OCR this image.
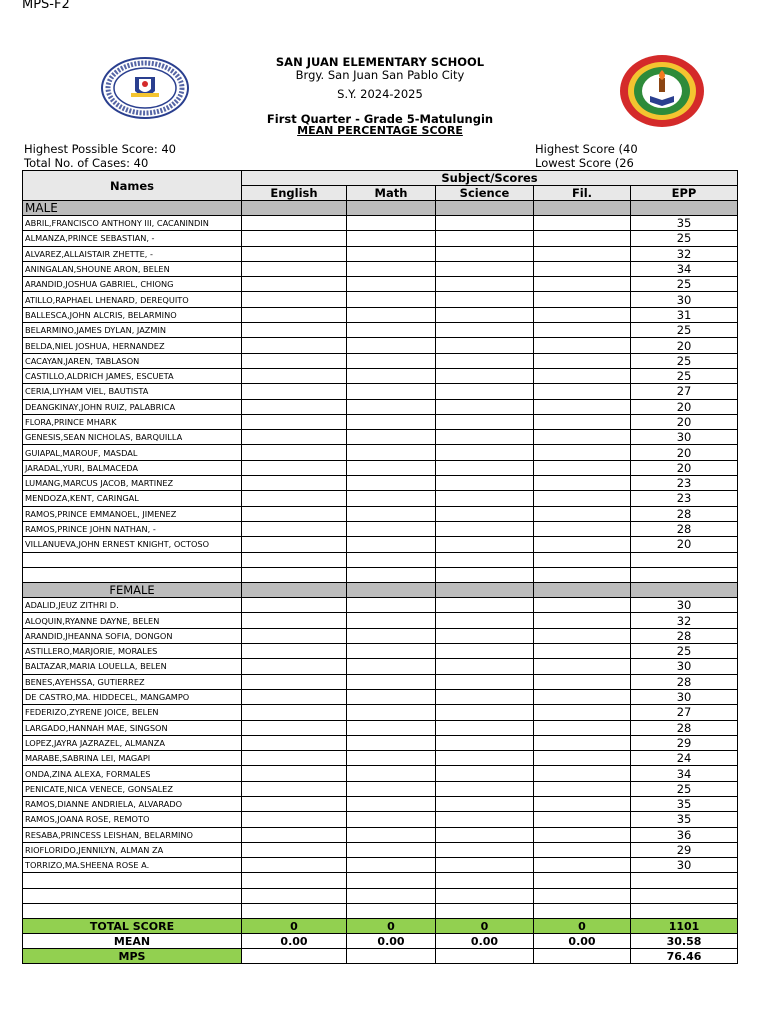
MPS-F2
SAN JUAN ELEMENTARY SCHOOL
Brgy. San Juan San Pablo City
S.Y. 2024-2025
First Quarter - Grade 5-Matulungin
MEAN PERCENTAGE SCORE
Highest Possible Score: 40
Total No. of Cases: 40
Highest Score (40
Lowest Score (26
Names	Subject/Scores				
	English	Math	Science	Fil.	EPP
MALE					
ABRIL,FRANCISCO ANTHONY III, CACANINDIN					35
ALMANZA,PRINCE SEBASTIAN, -					25
ALVAREZ,ALLAISTAIR ZHETTE, -					32
ANINGALAN,SHOUNE ARON, BELEN					34
ARANDID,JOSHUA GABRIEL, CHIONG					25
ATILLO,RAPHAEL LHENARD, DEREQUITO					30
BALLESCA,JOHN ALCRIS, BELARMINO					31
BELARMINO,JAMES DYLAN, JAZMIN					25
BELDA,NIEL JOSHUA, HERNANDEZ					20
CACAYAN,JAREN, TABLASON					25
CASTILLO,ALDRICH JAMES, ESCUETA					25
CERIA,LIYHAM VIEL, BAUTISTA					27
DEANGKINAY,JOHN RUIZ, PALABRICA					20
FLORA,PRINCE MHARK					20
GENESIS,SEAN NICHOLAS, BARQUILLA					30
GUIAPAL,MAROUF, MASDAL					20
JARADAL,YURI, BALMACEDA					20
LUMANG,MARCUS JACOB, MARTINEZ					23
MENDOZA,KENT, CARINGAL					23
RAMOS,PRINCE EMMANOEL, JIMENEZ					28
RAMOS,PRINCE JOHN NATHAN, -					28
VILLANUEVA,JOHN ERNEST KNIGHT, OCTOSO					20

FEMALE					
ADALID,JEUZ ZITHRI D.					30
ALOQUIN,RYANNE DAYNE, BELEN					32
ARANDID,JHEANNA SOFIA, DONGON					28
ASTILLERO,MARJORIE, MORALES					25
BALTAZAR,MARIA LOUELLA, BELEN					30
BENES,AYEHSSA, GUTIERREZ					28
DE CASTRO,MA. HIDDECEL, MANGAMPO					30
FEDERIZO,ZYRENE JOICE, BELEN					27
LARGADO,HANNAH MAE, SINGSON					28
LOPEZ,JAYRA JAZRAZEL, ALMANZA					29
MARABE,SABRINA LEI, MAGAPI					24
ONDA,ZINA ALEXA, FORMALES					34
PENICATE,NICA VENECE, GONSALEZ					25
RAMOS,DIANNE ANDRIELA, ALVARADO					35
RAMOS,JOANA ROSE, REMOTO					35
RESABA,PRINCESS LEISHAN, BELARMINO					36
RIOFLORIDO,JENNILYN, ALMAN ZA					29
TORRIZO,MA.SHEENA ROSE A.					30

TOTAL SCORE	0	0	0	0	1101
MEAN	0.00	0.00	0.00	0.00	30.58
MPS					76.46
